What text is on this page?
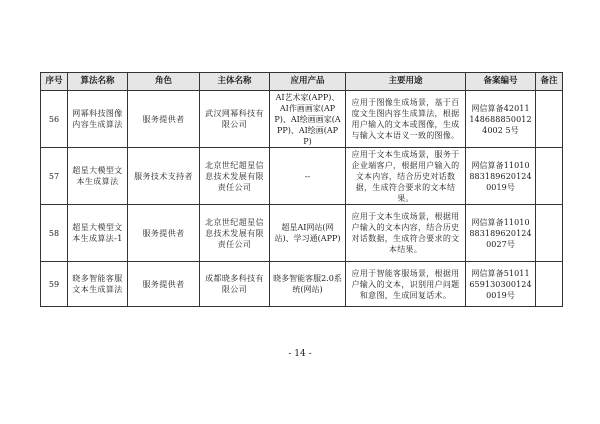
序号	算法名称	角色	主体名称	应用产品	主要用途	备案编号	备注
56	网幂科技图像内容生成算法	服务提供者	武汉网幂科技有限公司	AI艺术家(APP)、AI作画画家(APP)、AI绘画画家(APP)、AI绘画(APP)	应用于图像生成场景，基于百度文生图内容生成算法，根据用户输入的文本或图像，生成与输入文本语义一致的图像。	网信算备420111486888500124002 5号	
57	超星大模型文本生成算法	服务技术支持者	北京世纪超星信息技术发展有限责任公司	--	应用于文本生成场景，服务于企业端客户，根据用户输入的文本内容，结合历史对话数据，生成符合要求的文本结果。	网信算备110108831896201240019号	
58	超星大模型文本生成算法-1	服务提供者	北京世纪超星信息技术发展有限责任公司	超星AI网站(网站)、学习通(APP)	应用于文本生成场景，根据用户输入的文本内容，结合历史对话数据，生成符合要求的文本结果。	网信算备110108831896201240027号	
59	晓多智能客服文本生成算法	服务提供者	成都晓多科技有限公司	晓多智能客服2.0系统(网站)	应用于智能客服场景，根据用户输入的文本，识别用户问题和意图，生成回复话术。	网信算备510116591303001240019号	
- 14 -
